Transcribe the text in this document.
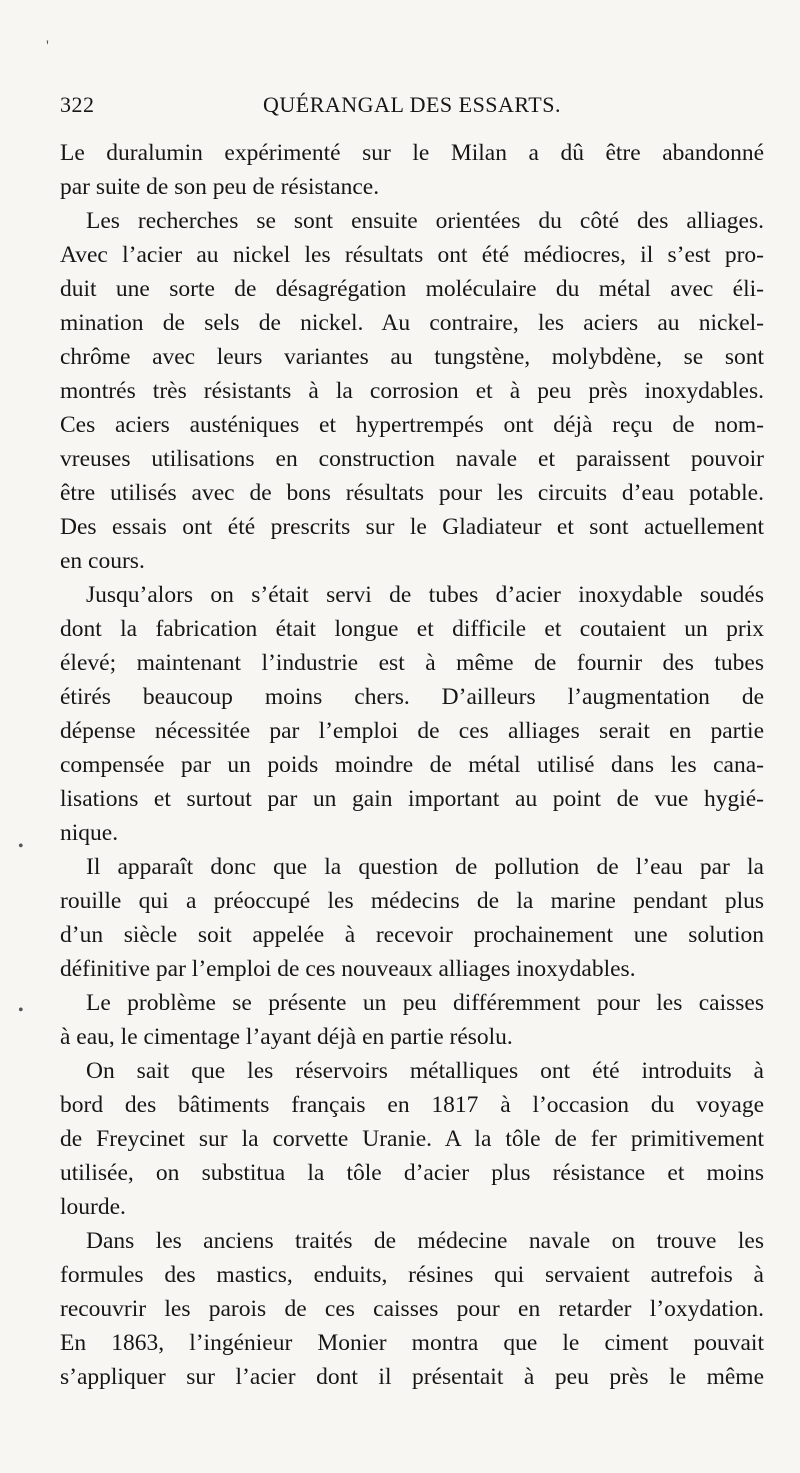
'
•
•
322	QUÉRANGAL DES ESSARTS.
Le duralumin expérimenté sur le Milan a dû être abandonné
par suite de son peu de résistance.
Les recherches se sont ensuite orientées du côté des alliages.
Avec l’acier au nickel les résultats ont été médiocres, il s’est pro-
duit une sorte de désagrégation moléculaire du métal avec éli-
mination de sels de nickel. Au contraire, les aciers au nickel-
chrôme avec leurs variantes au tungstène, molybdène, se sont
montrés très résistants à la corrosion et à peu près inoxydables.
Ces aciers austéniques et hypertrempés ont déjà reçu de nom-
vreuses utilisations en construction navale et paraissent pouvoir
être utilisés avec de bons résultats pour les circuits d’eau potable.
Des essais ont été prescrits sur le Gladiateur et sont actuellement
en cours.
Jusqu’alors on s’était servi de tubes d’acier inoxydable soudés
dont la fabrication était longue et difficile et coutaient un prix
élevé; maintenant l’industrie est à même de fournir des tubes
étirés beaucoup moins chers. D’ailleurs l’augmentation de
dépense nécessitée par l’emploi de ces alliages serait en partie
compensée par un poids moindre de métal utilisé dans les cana-
lisations et surtout par un gain important au point de vue hygié-
nique.
Il apparaît donc que la question de pollution de l’eau par la
rouille qui a préoccupé les médecins de la marine pendant plus
d’un siècle soit appelée à recevoir prochainement une solution
définitive par l’emploi de ces nouveaux alliages inoxydables.
Le problème se présente un peu différemment pour les caisses
à eau, le cimentage l’ayant déjà en partie résolu.
On sait que les réservoirs métalliques ont été introduits à
bord des bâtiments français en 1817 à l’occasion du voyage
de Freycinet sur la corvette Uranie. A la tôle de fer primitivement
utilisée, on substitua la tôle d’acier plus résistance et moins
lourde.
Dans les anciens traités de médecine navale on trouve les
formules des mastics, enduits, résines qui servaient autrefois à
recouvrir les parois de ces caisses pour en retarder l’oxydation.
En 1863, l’ingénieur Monier montra que le ciment pouvait
s’appliquer sur l’acier dont il présentait à peu près le même
